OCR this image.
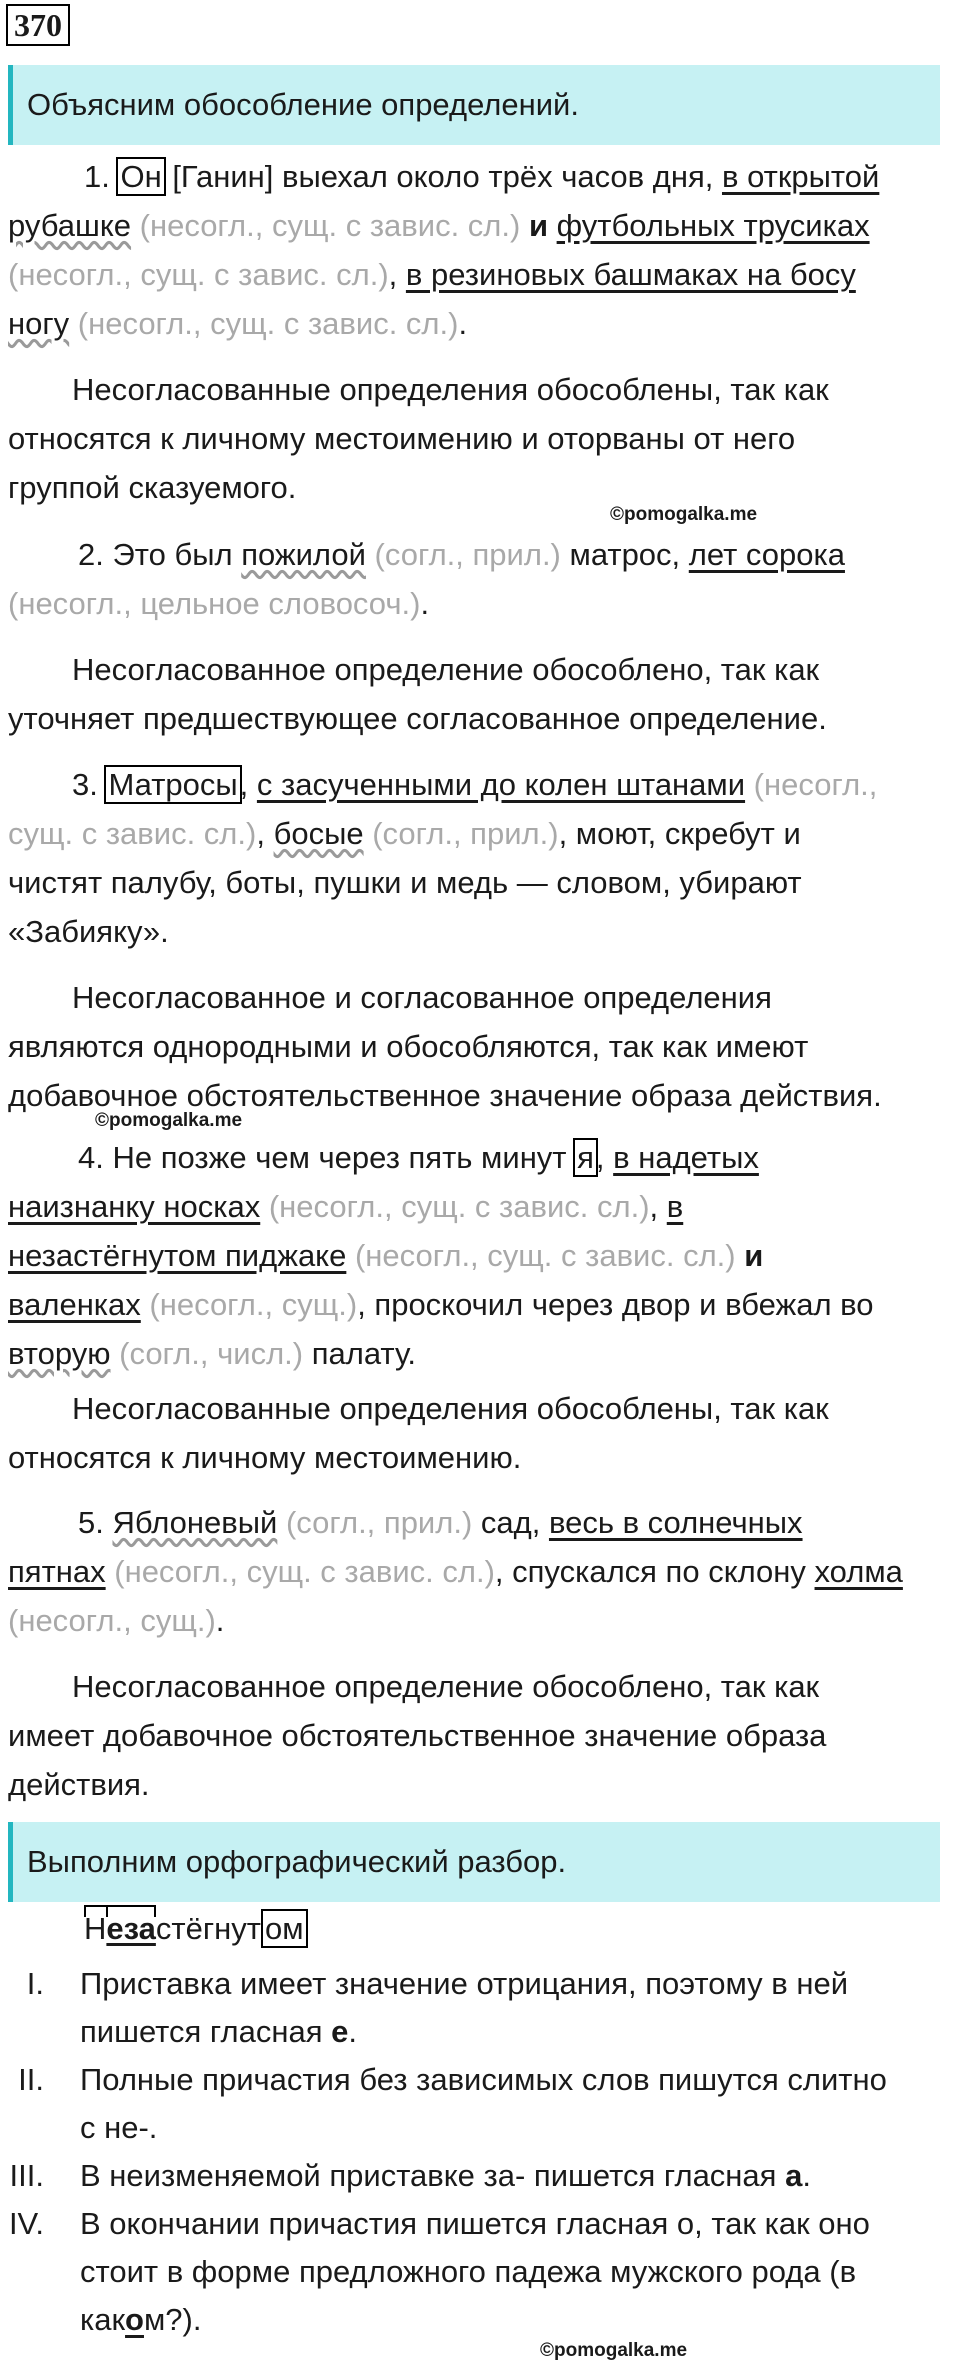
370
Объясним обособление определений.
1. Он [Ганин] выехал около трёх часов дня, в открытой
рубашке (несогл., сущ. с завис. сл.) и футбольных трусиках
(несогл., сущ. с завис. сл.), в резиновых башмаках на босу
ногу (несогл., сущ. с завис. сл.).
Несогласованные определения обособлены, так как
относятся к личному местоимению и оторваны от него
группой сказуемого.
©pomogalka.me
2. Это был пожилой (согл., прил.) матрос, лет сорока
(несогл., цельное словосоч.).
Несогласованное определение обособлено, так как
уточняет предшествующее согласованное определение.
3. Матросы, с засученными до колен штанами (несогл.,
сущ. с завис. сл.), босые (согл., прил.), моют, скребут и
чистят палубу, боты, пушки и медь — словом, убирают
«Забияку».
Несогласованное и согласованное определения
являются однородными и обособляются, так как имеют
добавочное обстоятельственное значение образа действия.
©pomogalka.me
4. Не позже чем через пять минут я, в надетых
наизнанку носках (несогл., сущ. с завис. сл.), в
незастёгнутом пиджаке (несогл., сущ. с завис. сл.) и
валенках (несогл., сущ.), проскочил через двор и вбежал во
вторую (согл., числ.) палату.
Несогласованные определения обособлены, так как
относятся к личному местоимению.
5. Яблоневый (согл., прил.) сад, весь в солнечных
пятнах (несогл., сущ. с завис. сл.), спускался по склону холма
(несогл., сущ.).
Несогласованное определение обособлено, так как
имеет добавочное обстоятельственное значение образа
действия.
Выполним орфографический разбор.
Незастёгнут ом
I. Приставка имеет значение отрицания, поэтому в ней
пишется гласная е.
II. Полные причастия без зависимых слов пишутся слитно
с не-.
III. В неизменяемой приставке за- пишется гласная а.
IV. В окончании причастия пишется гласная о, так как оно
стоит в форме предложного падежа мужского рода (в
каком?).
©pomogalka.me
